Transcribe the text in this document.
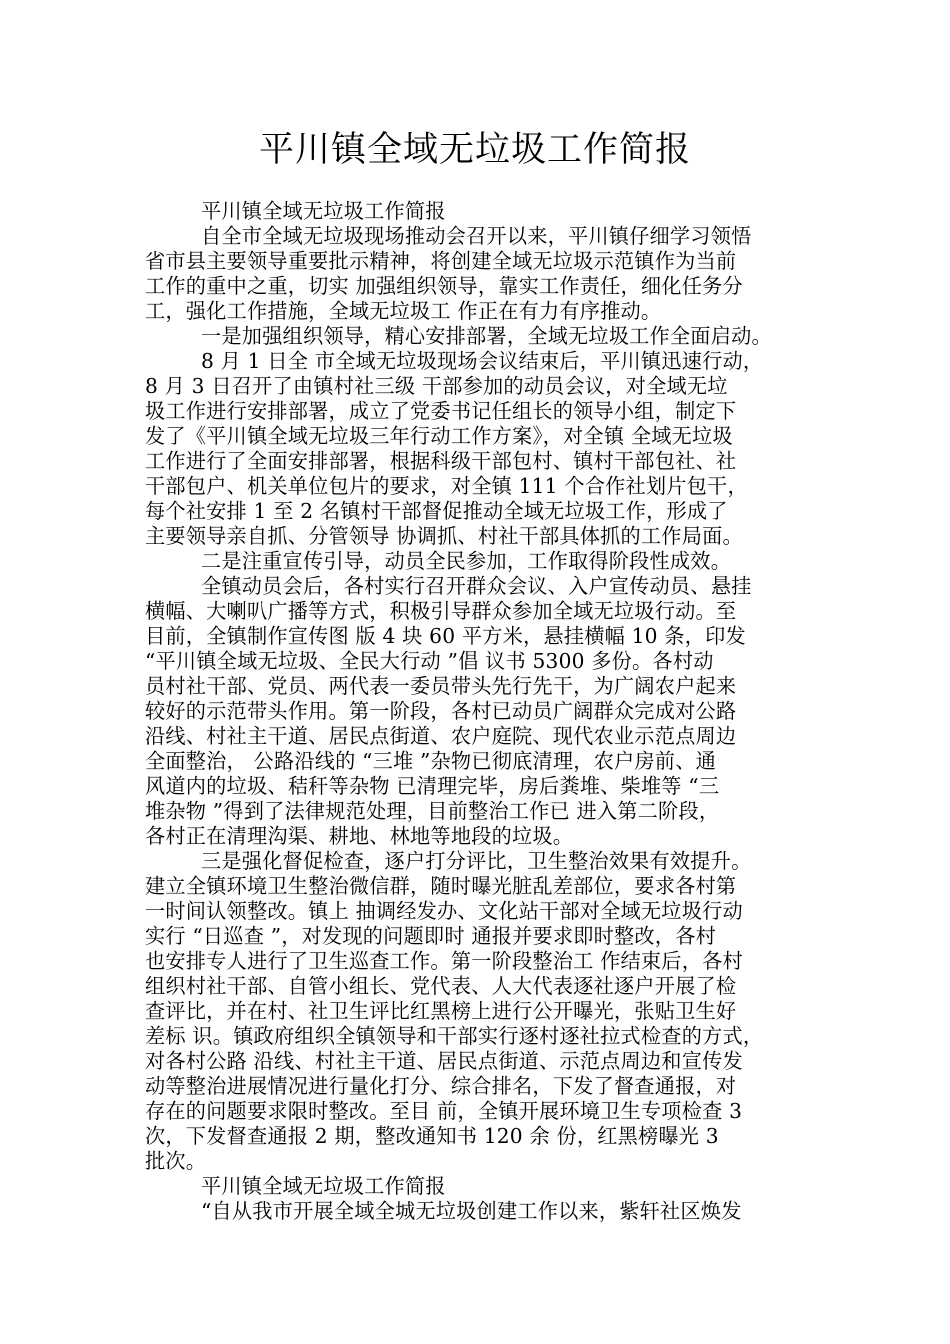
平川镇全域无垃圾工作简报
平川镇全域无垃圾工作简报
自全市全域无垃圾现场推动会召开以来，平川镇仔细学习领悟
省市县主要领导重要批示精神，将创建全域无垃圾示范镇作为当前
工作的重中之重，切实 加强组织领导，靠实工作责任，细化任务分
工，强化工作措施，全域无垃圾工 作正在有力有序推动。
一是加强组织领导，精心安排部署，全域无垃圾工作全面启动。
8 月 1 日全 市全域无垃圾现场会议结束后，平川镇迅速行动，
8 月 3 日召开了由镇村社三级 干部参加的动员会议，对全域无垃
圾工作进行安排部署，成立了党委书记任组长的领导小组，制定下
发了《平川镇全域无垃圾三年行动工作方案》，对全镇 全域无垃圾
工作进行了全面安排部署，根据科级干部包村、镇村干部包社、社
干部包户、机关单位包片的要求，对全镇 111 个合作社划片包干，
每个社安排 1 至 2 名镇村干部督促推动全域无垃圾工作，形成了
主要领导亲自抓、分管领导 协调抓、村社干部具体抓的工作局面。
二是注重宣传引导，动员全民参加，工作取得阶段性成效。
全镇动员会后，各村实行召开群众会议、入户宣传动员、悬挂
横幅、大喇叭广播等方式，积极引导群众参加全域无垃圾行动。至
目前，全镇制作宣传图 版 4 块 60 平方米，悬挂横幅 10 条，印发
“平川镇全域无垃圾、全民大行动 ”倡 议书 5300 多份。各村动
员村社干部、党员、两代表一委员带头先行先干，为广阔农户起来
较好的示范带头作用。第一阶段，各村已动员广阔群众完成对公路
沿线、村社主干道、居民点街道、农户庭院、现代农业示范点周边
全面整治， 公路沿线的 “三堆 ”杂物已彻底清理，农户房前、通
风道内的垃圾、秸秆等杂物 已清理完毕，房后粪堆、柴堆等 “三
堆杂物 ”得到了法律规范处理，目前整治工作已 进入第二阶段，
各村正在清理沟渠、耕地、林地等地段的垃圾。
三是强化督促检查，逐户打分评比，卫生整治效果有效提升。
建立全镇环境卫生整治微信群，随时曝光脏乱差部位，要求各村第
一时间认领整改。镇上 抽调经发办、文化站干部对全域无垃圾行动
实行 “日巡查 ”，对发现的问题即时 通报并要求即时整改，各村
也安排专人进行了卫生巡查工作。第一阶段整治工 作结束后，各村
组织村社干部、自管小组长、党代表、人大代表逐社逐户开展了检
查评比，并在村、社卫生评比红黑榜上进行公开曝光，张贴卫生好
差标 识。镇政府组织全镇领导和干部实行逐村逐社拉式检查的方式，
对各村公路 沿线、村社主干道、居民点街道、示范点周边和宣传发
动等整治进展情况进行量化打分、综合排名，下发了督查通报，对
存在的问题要求限时整改。至目 前，全镇开展环境卫生专项检查 3
次，下发督查通报 2 期，整改通知书 120 余 份，红黑榜曝光 3
批次。
平川镇全域无垃圾工作简报
“自从我市开展全域全城无垃圾创建工作以来，紫轩社区焕发
